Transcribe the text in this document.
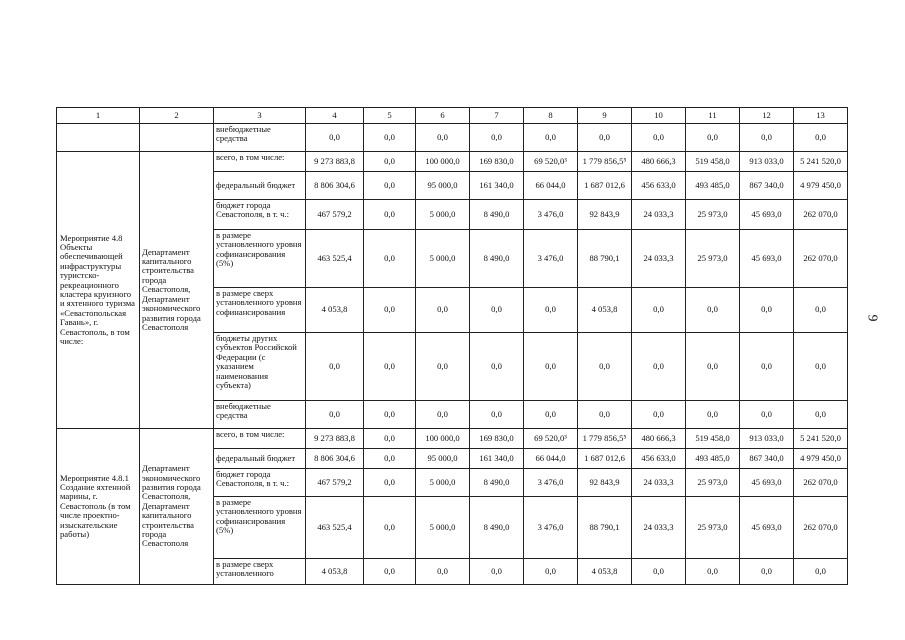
1	2	3	4	5	6	7	8	9	10	11	12	13
		внебюджетные средства	0,0	0,0	0,0	0,0	0,0	0,0	0,0	0,0	0,0	0,0
Мероприятие 4.8 Объекты обеспечивающей инфраструктуры туристско-рекреационного кластера круизного и яхтенного туризма «Севастопольская Гавань», г. Севастополь, в том числе:	Департамент капитального строительства города Севастополя, Департамент экономического развития города Севастополя	всего, в том числе:	9 273 883,8	0,0	100 000,0	169 830,0	69 520,0³	1 779 856,5⁵	480 666,3	519 458,0	913 033,0	5 241 520,0
		федеральный бюджет	8 806 304,6	0,0	95 000,0	161 340,0	66 044,0	1 687 012,6	456 633,0	493 485,0	867 340,0	4 979 450,0
		бюджет города Севастополя, в т. ч.:	467 579,2	0,0	5 000,0	8 490,0	3 476,0	92 843,9	24 033,3	25 973,0	45 693,0	262 070,0
		в размере установленного уровня софинансирования (5%)	463 525,4	0,0	5 000,0	8 490,0	3 476,0	88 790,1	24 033,3	25 973,0	45 693,0	262 070,0
		в размере сверх установленного уровня софинансирования	4 053,8	0,0	0,0	0,0	0,0	4 053,8	0,0	0,0	0,0	0,0
		бюджеты других субъектов Российской Федерации (с указанием наименования субъекта)	0,0	0,0	0,0	0,0	0,0	0,0	0,0	0,0	0,0	0,0
		внебюджетные средства	0,0	0,0	0,0	0,0	0,0	0,0	0,0	0,0	0,0	0,0
Мероприятие 4.8.1 Создание яхтенной марины, г. Севастополь (в том числе проектно-изыскательские работы)	Департамент экономического развития города Севастополя, Департамент капитального строительства города Севастополя	всего, в том числе:	9 273 883,8	0,0	100 000,0	169 830,0	69 520,0³	1 779 856,5⁵	480 666,3	519 458,0	913 033,0	5 241 520,0
		федеральный бюджет	8 806 304,6	0,0	95 000,0	161 340,0	66 044,0	1 687 012,6	456 633,0	493 485,0	867 340,0	4 979 450,0
		бюджет города Севастополя, в т. ч.:	467 579,2	0,0	5 000,0	8 490,0	3 476,0	92 843,9	24 033,3	25 973,0	45 693,0	262 070,0
		в размере установленного уровня софинансирования (5%)	463 525,4	0,0	5 000,0	8 490,0	3 476,0	88 790,1	24 033,3	25 973,0	45 693,0	262 070,0
		в размере сверх установленного	4 053,8	0,0	0,0	0,0	0,0	4 053,8	0,0	0,0	0,0	0,0
9
